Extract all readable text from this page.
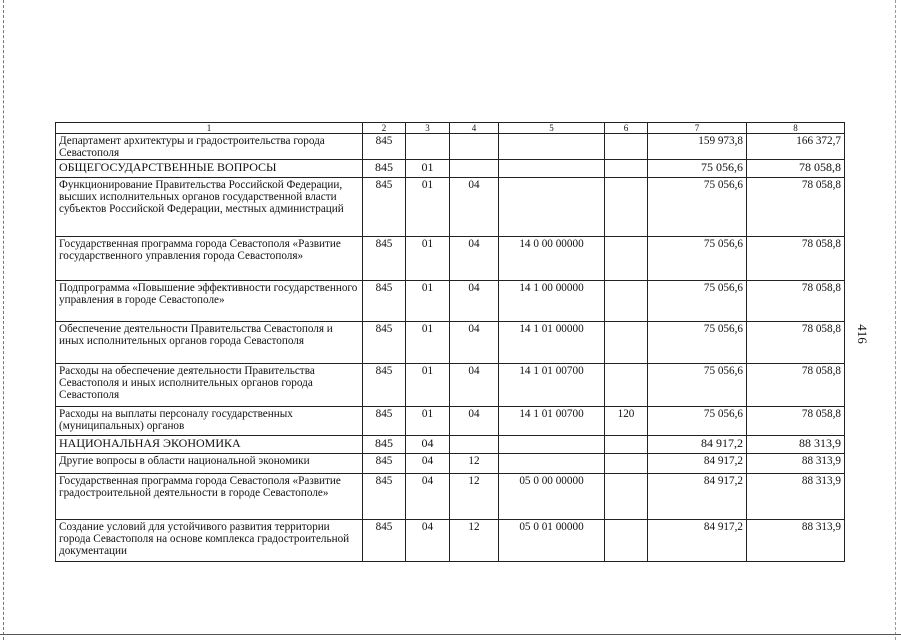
416
1	2	3	4	5	6	7	8
Департамент архитектуры и градостроительства города Севастополя	845					159 973,8	166 372,7
ОБЩЕГОСУДАРСТВЕННЫЕ ВОПРОСЫ	845	01				75 056,6	78 058,8
Функционирование Правительства Российской Федерации, высших исполнительных органов государственной власти субъектов Российской Федерации, местных администраций	845	01	04			75 056,6	78 058,8
Государственная программа города Севастополя «Развитие государственного управления города Севастополя»	845	01	04	14 0 00 00000		75 056,6	78 058,8
Подпрограмма «Повышение эффективности государственного управления в городе Севастополе»	845	01	04	14 1 00 00000		75 056,6	78 058,8
Обеспечение деятельности Правительства Севастополя и иных исполнительных органов города Севастополя	845	01	04	14 1 01 00000		75 056,6	78 058,8
Расходы на обеспечение деятельности Правительства Севастополя и иных исполнительных органов города Севастополя	845	01	04	14 1 01 00700		75 056,6	78 058,8
Расходы на выплаты персоналу государственных (муниципальных) органов	845	01	04	14 1 01 00700	120	75 056,6	78 058,8
НАЦИОНАЛЬНАЯ ЭКОНОМИКА	845	04				84 917,2	88 313,9
Другие вопросы в области национальной экономики	845	04	12			84 917,2	88 313,9
Государственная программа города Севастополя «Развитие градостроительной деятельности в городе Севастополе»	845	04	12	05 0 00 00000		84 917,2	88 313,9
Создание условий для устойчивого развития территории города Севастополя на основе комплекса градостроительной документации	845	04	12	05 0 01 00000		84 917,2	88 313,9
